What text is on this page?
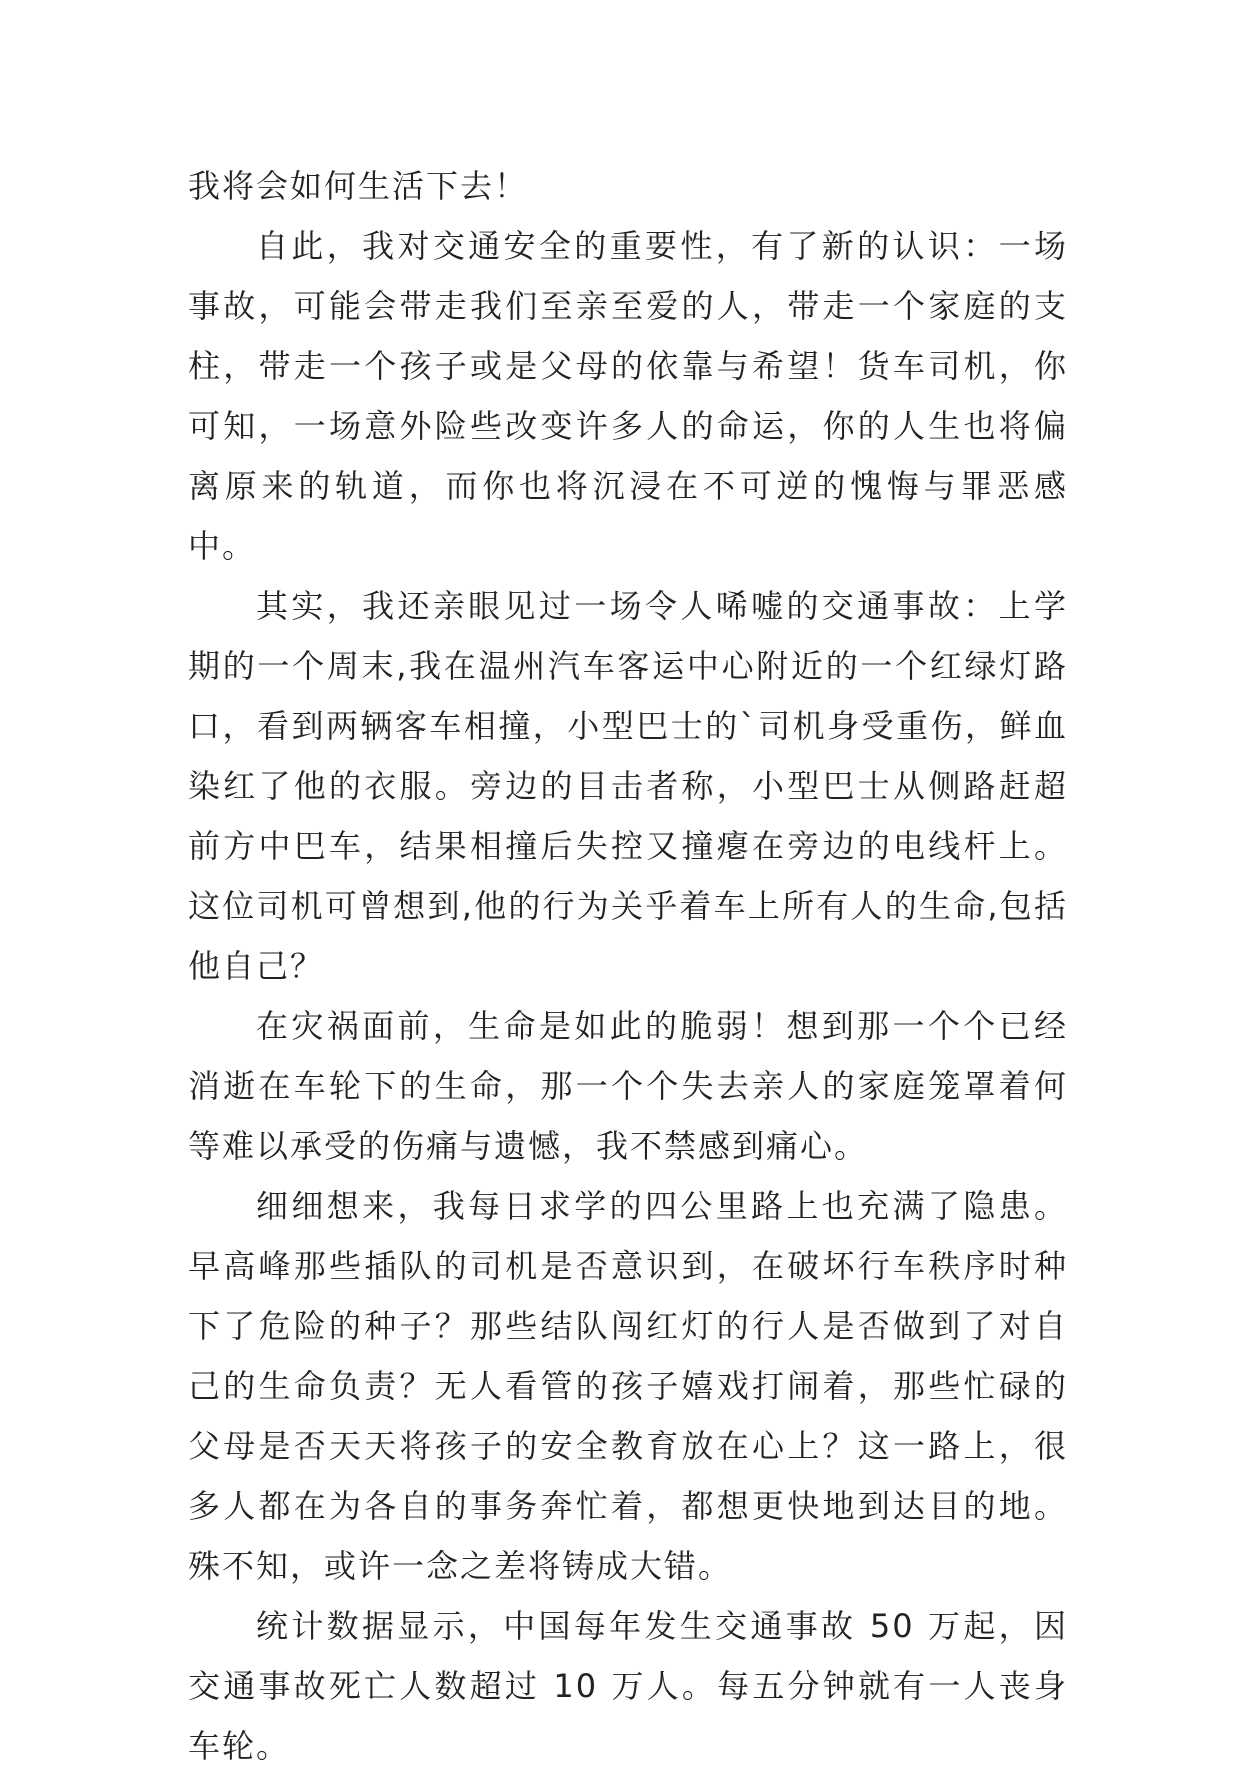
我将会如何生活下去！

自此，我对交通安全的重要性，有了新的认识：一场事故，可能会带走我们至亲至爱的人，带走一个家庭的支柱，带走一个孩子或是父母的依靠与希望！货车司机，你可知，一场意外险些改变许多人的命运，你的人生也将偏离原来的轨道，而你也将沉浸在不可逆的愧悔与罪恶感中。

其实，我还亲眼见过一场令人唏嘘的交通事故：上学期的一个周末,我在温州汽车客运中心附近的一个红绿灯路口，看到两辆客车相撞，小型巴士的`司机身受重伤，鲜血染红了他的衣服。旁边的目击者称，小型巴士从侧路赶超前方中巴车，结果相撞后失控又撞瘪在旁边的电线杆上。这位司机可曾想到,他的行为关乎着车上所有人的生命,包括他自己？

在灾祸面前，生命是如此的脆弱！想到那一个个已经消逝在车轮下的生命，那一个个失去亲人的家庭笼罩着何等难以承受的伤痛与遗憾，我不禁感到痛心。

细细想来，我每日求学的四公里路上也充满了隐患。早高峰那些插队的司机是否意识到，在破坏行车秩序时种下了危险的种子？那些结队闯红灯的行人是否做到了对自己的生命负责？无人看管的孩子嬉戏打闹着，那些忙碌的父母是否天天将孩子的安全教育放在心上？这一路上，很多人都在为各自的事务奔忙着，都想更快地到达目的地。殊不知，或许一念之差将铸成大错。

统计数据显示，中国每年发生交通事故 50 万起，因交通事故死亡人数超过 10 万人。每五分钟就有一人丧身车轮。
